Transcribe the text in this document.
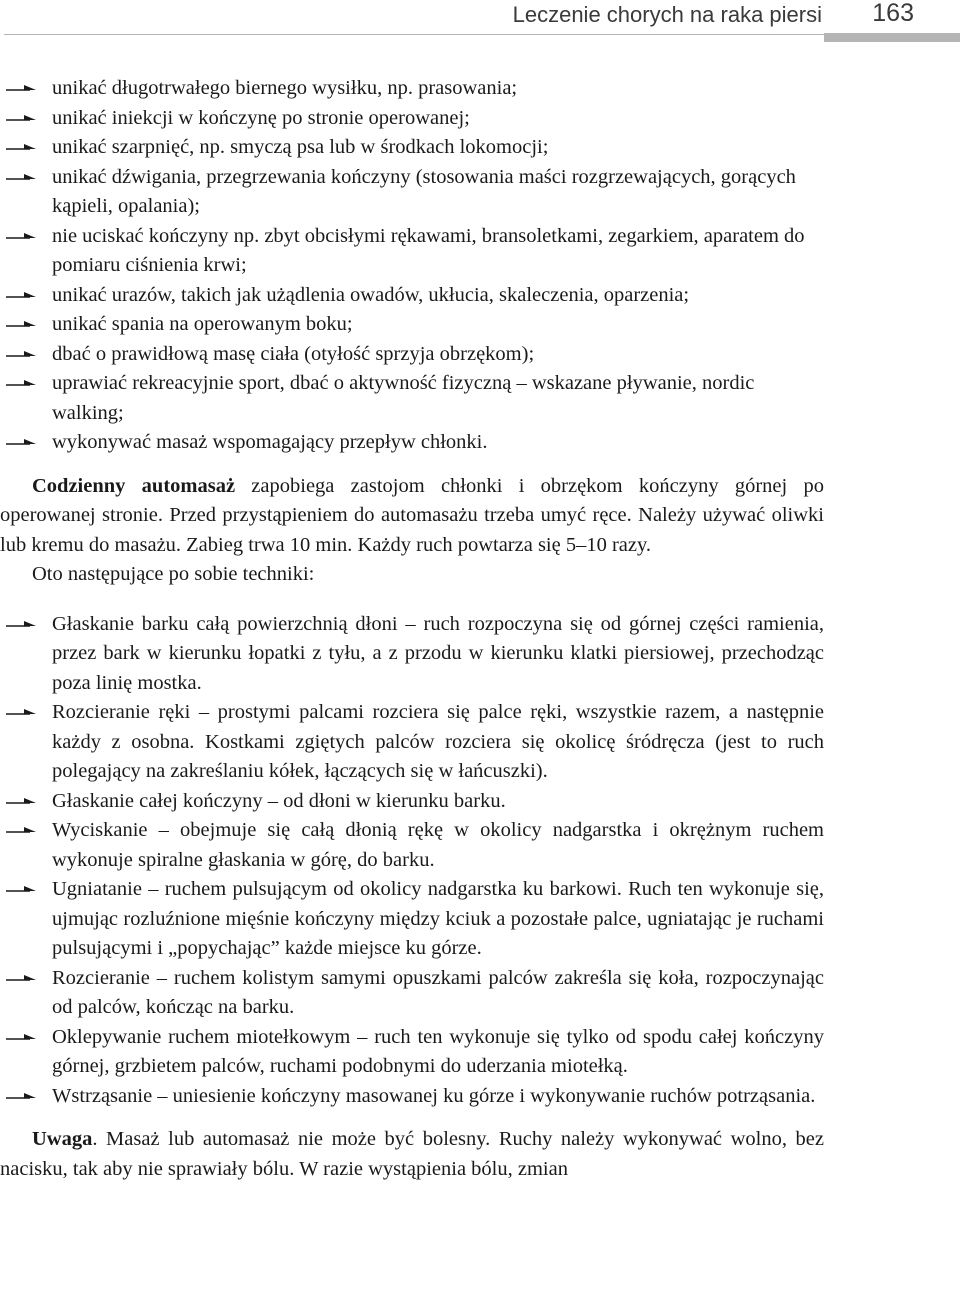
Leczenie chorych na raka piersi 163
unikać długotrwałego biernego wysiłku, np. prasowania;
unikać iniekcji w kończynę po stronie operowanej;
unikać szarpnięć, np. smyczą psa lub w środkach lokomocji;
unikać dźwigania, przegrzewania kończyny (stosowania maści rozgrzewających, gorących kąpieli, opalania);
nie uciskać kończyny np. zbyt obcisłymi rękawami, bransoletkami, zegarkiem, aparatem do pomiaru ciśnienia krwi;
unikać urazów, takich jak użądlenia owadów, ukłucia, skaleczenia, oparzenia;
unikać spania na operowanym boku;
dbać o prawidłową masę ciała (otyłość sprzyja obrzękom);
uprawiać rekreacyjnie sport, dbać o aktywność fizyczną – wskazane pływanie, nordic walking;
wykonywać masaż wspomagający przepływ chłonki.

Codzienny automasaż zapobiega zastojom chłonki i obrzękom kończyny górnej po operowanej stronie. Przed przystąpieniem do automasażu trzeba umyć ręce. Należy używać oliwki lub kremu do masażu. Zabieg trwa 10 min. Każdy ruch powtarza się 5–10 razy.

Oto następujące po sobie techniki:

Głaskanie barku całą powierzchnią dłoni – ruch rozpoczyna się od górnej części ramienia, przez bark w kierunku łopatki z tyłu, a z przodu w kierunku klatki piersiowej, przechodząc poza linię mostka.

Rozcieranie ręki – prostymi palcami rozciera się palce ręki, wszystkie razem, a następnie każdy z osobna. Kostkami zgiętych palców rozciera się okolicę śródręcza (jest to ruch polegający na zakreślaniu kółek, łączących się w łańcuszki).

Głaskanie całej kończyny – od dłoni w kierunku barku.

Wyciskanie – obejmuje się całą dłonią rękę w okolicy nadgarstka i okrężnym ruchem wykonuje spiralne głaskania w górę, do barku.

Ugniatanie – ruchem pulsującym od okolicy nadgarstka ku barkowi. Ruch ten wykonuje się, ujmując rozluźnione mięśnie kończyny między kciuk a pozostałe palce, ugniatając je ruchami pulsującymi i „popychając” każde miejsce ku górze.

Rozcieranie – ruchem kolistym samymi opuszkami palców zakreśla się koła, rozpoczynając od palców, kończąc na barku.

Oklepywanie ruchem miotełkowym – ruch ten wykonuje się tylko od spodu całej kończyny górnej, grzbietem palców, ruchami podobnymi do uderzania miotełką.

Wstrząsanie – uniesienie kończyny masowanej ku górze i wykonywanie ruchów potrząsania.

Uwaga. Masaż lub automasaż nie może być bolesny. Ruchy należy wykonywać wolno, bez nacisku, tak aby nie sprawiały bólu. W razie wystąpienia bólu, zmian
